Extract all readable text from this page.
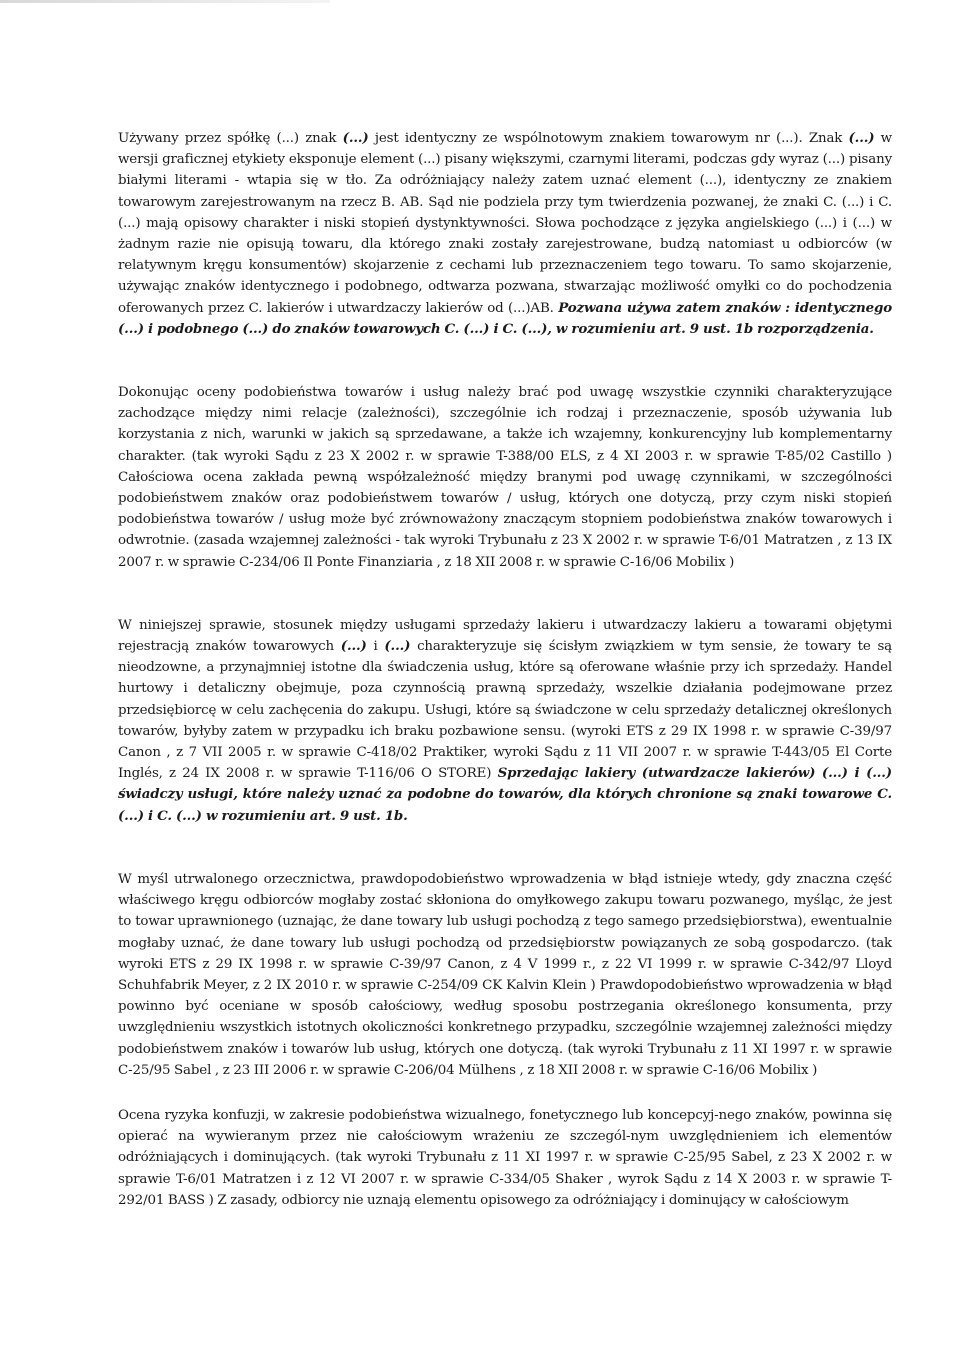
Używany przez spółkę (...) znak (...) jest identyczny ze wspólnotowym znakiem towarowym nr (...). Znak (...) w wersji graficznej etykiety eksponuje element (...) pisany większymi, czarnymi literami, podczas gdy wyraz (...) pisany białymi literami - wtapia się w tło. Za odróżniający należy zatem uznać element (...), identyczny ze znakiem towarowym zarejestrowanym na rzecz B. AB. Sąd nie podziela przy tym twierdzenia pozwanej, że znaki C. (...) i C. (...) mają opisowy charakter i niski stopień dystynktywności. Słowa pochodzące z języka angielskiego (...) i (...) w żadnym razie nie opisują towaru, dla którego znaki zostały zarejestrowane, budzą natomiast u odbiorców (w relatywnym kręgu konsumentów) skojarzenie z cechami lub przeznaczeniem tego towaru. To samo skojarzenie, używając znaków identycznego i podobnego, odtwarza pozwana, stwarzając możliwość omyłki co do pochodzenia oferowanych przez C. lakierów i utwardzaczy lakierów od (...)AB. Pozwana używa zatem znaków : identycznego (...) i podobnego (...) do znaków towarowych C. (...) i C. (...), w rozumieniu art. 9 ust. 1b rozporządzenia.

Dokonując oceny podobieństwa towarów i usług należy brać pod uwagę wszystkie czynniki charakteryzujące zachodzące między nimi relacje (zależności), szczególnie ich rodzaj i przeznaczenie, sposób używania lub korzystania z nich, warunki w jakich są sprzedawane, a także ich wzajemny, konkurencyjny lub komplementarny charakter. (tak wyroki Sądu z 23 X 2002 r. w sprawie T-388/00 ELS, z 4 XI 2003 r. w sprawie T-85/02 Castillo ) Całościowa ocena zakłada pewną współzależność między branymi pod uwagę czynnikami, w szczególności podobieństwem znaków oraz podobieństwem towarów / usług, których one dotyczą, przy czym niski stopień podobieństwa towarów / usług może być zrównoważony znaczącym stopniem podobieństwa znaków towarowych i odwrotnie. (zasada wzajemnej zależności - tak wyroki Trybunału z 23 X 2002 r. w sprawie T-6/01 Matratzen , z 13 IX 2007 r. w sprawie C-234/06 Il Ponte Finanziaria , z 18 XII 2008 r. w sprawie C-16/06 Mobilix )

W niniejszej sprawie, stosunek między usługami sprzedaży lakieru i utwardzaczy lakieru a towarami objętymi rejestracją znaków towarowych (...) i (...) charakteryzuje się ścisłym związkiem w tym sensie, że towary te są nieodzowne, a przynajmniej istotne dla świadczenia usług, które są oferowane właśnie przy ich sprzedaży. Handel hurtowy i detaliczny obejmuje, poza czynnością prawną sprzedaży, wszelkie działania podejmowane przez przedsiębiorcę w celu zachęcenia do zakupu. Usługi, które są świadczone w celu sprzedaży detalicznej określonych towarów, byłyby zatem w przypadku ich braku pozbawione sensu. (wyroki ETS z 29 IX 1998 r. w sprawie C-39/97 Canon , z 7 VII 2005 r. w sprawie C-418/02 Praktiker, wyroki Sądu z 11 VII 2007 r. w sprawie T-443/05 El Corte Inglés, z 24 IX 2008 r. w sprawie T-116/06 O STORE) Sprzedając lakiery (utwardzacze lakierów) (...) i (...) świadczy usługi, które należy uznać za podobne do towarów, dla których chronione są znaki towarowe C. (...) i C. (...) w rozumieniu art. 9 ust. 1b.

W myśl utrwalonego orzecznictwa, prawdopodobieństwo wprowadzenia w błąd istnieje wtedy, gdy znaczna część właściwego kręgu odbiorców mogłaby zostać skłoniona do omyłkowego zakupu towaru pozwanego, myśląc, że jest to towar uprawnionego (uznając, że dane towary lub usługi pochodzą z tego samego przedsiębiorstwa), ewentualnie mogłaby uznać, że dane towary lub usługi pochodzą od przedsiębiorstw powiązanych ze sobą gospodarczo. (tak wyroki ETS z 29 IX 1998 r. w sprawie C-39/97 Canon, z 4 V 1999 r., z 22 VI 1999 r. w sprawie C-342/97 Lloyd Schuhfabrik Meyer, z 2 IX 2010 r. w sprawie C-254/09 CK Kalvin Klein ) Prawdopodobieństwo wprowadzenia w błąd powinno być oceniane w sposób całościowy, według sposobu postrzegania określonego konsumenta, przy uwzględnieniu wszystkich istotnych okoliczności konkretnego przypadku, szczególnie wzajemnej zależności między podobieństwem znaków i towarów lub usług, których one dotyczą. (tak wyroki Trybunału z 11 XI 1997 r. w sprawie C-25/95 Sabel , z 23 III 2006 r. w sprawie C-206/04 Mülhens , z 18 XII 2008 r. w sprawie C-16/06 Mobilix )

Ocena ryzyka konfuzji, w zakresie podobieństwa wizualnego, fonetycznego lub koncepcyj-nego znaków, powinna się opierać na wywieranym przez nie całościowym wrażeniu ze szczegól-nym uwzględnieniem ich elementów odróżniających i dominujących. (tak wyroki Trybunału z 11 XI 1997 r. w sprawie C-25/95 Sabel, z 23 X 2002 r. w sprawie T-6/01 Matratzen i z 12 VI 2007 r. w sprawie C-334/05 Shaker , wyrok Sądu z 14 X 2003 r. w sprawie T-292/01 BASS ) Z zasady, odbiorcy nie uznają elementu opisowego za odróżniający i dominujący w całościowym
